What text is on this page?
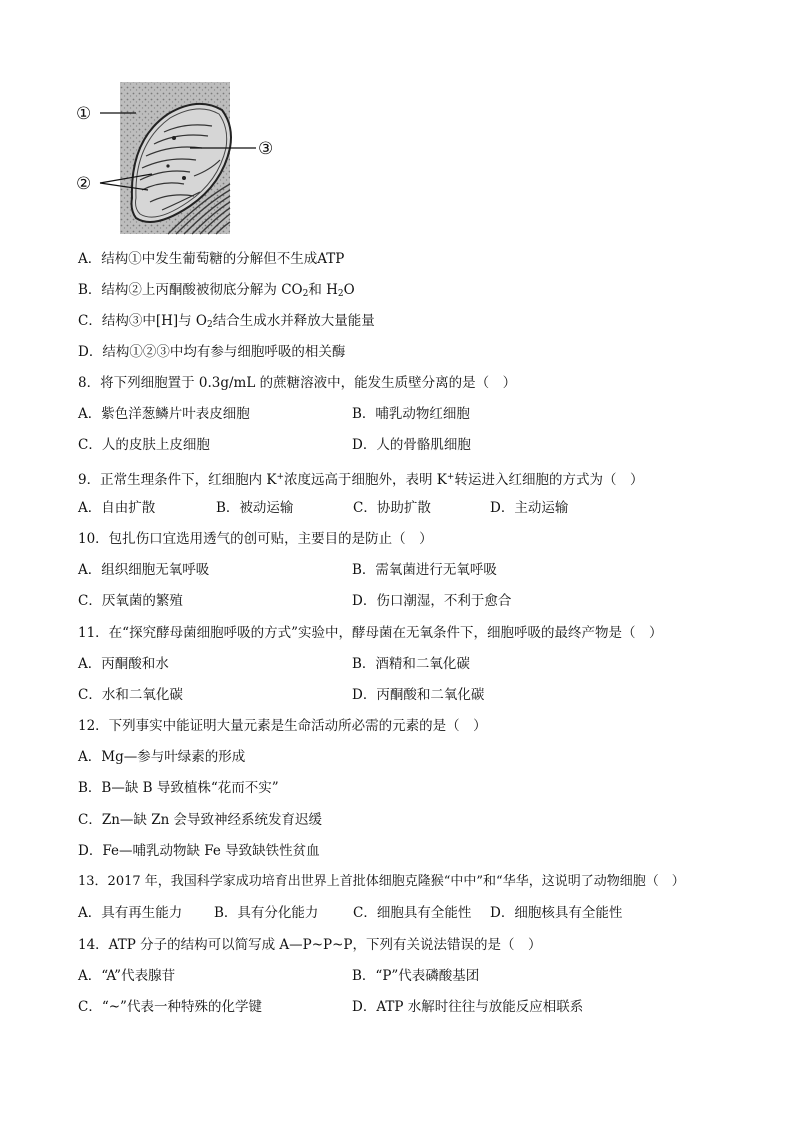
①
②
③
A．结构①中发生葡萄糖的分解但不生成ATP
B．结构②上丙酮酸被彻底分解为 $CO_2$和 $H_2O$
C．结构③中[H]与 $O_2$结合生成水并释放大量能量
D．结构①②③中均有参与细胞呼吸的相关酶
8．将下列细胞置于 0.3g/mL 的蔗糖溶液中，能发生质壁分离的是（　）
A．紫色洋葱鳞片叶表皮细胞	B．哺乳动物红细胞
C．人的皮肤上皮细胞	D．人的骨骼肌细胞
9．正常生理条件下，红细胞内 K+浓度远高于细胞外，表明 K+转运进入红细胞的方式为（　）
A．自由扩散	B．被动运输	C．协助扩散	D．主动运输
10．包扎伤口宜选用透气的创可贴，主要目的是防止（　）
A．组织细胞无氧呼吸	B．需氧菌进行无氧呼吸
C．厌氧菌的繁殖	D．伤口潮湿，不利于愈合
11．在“探究酵母菌细胞呼吸的方式”实验中，酵母菌在无氧条件下，细胞呼吸的最终产物是（　）
A．丙酮酸和水	B．酒精和二氧化碳
C．水和二氧化碳	D．丙酮酸和二氧化碳
12．下列事实中能证明大量元素是生命活动所必需的元素的是（　）
A．Mg—参与叶绿素的形成
B．B—缺 B 导致植株“花而不实”
C．Zn—缺 Zn 会导致神经系统发育迟缓
D．Fe—哺乳动物缺 Fe 导致缺铁性贫血
13．2017 年，我国科学家成功培育出世界上首批体细胞克隆猴“中中”和“华华，这说明了动物细胞（　）
A．具有再生能力 B．具有分化能力	C．细胞具有全能性 D．细胞核具有全能性
14．ATP 分子的结构可以简写成 A—P~P~P，下列有关说法错误的是（　）
A．“A”代表腺苷	B．“P”代表磷酸基团
C．“~”代表一种特殊的化学键	D．ATP 水解时往往与放能反应相联系
